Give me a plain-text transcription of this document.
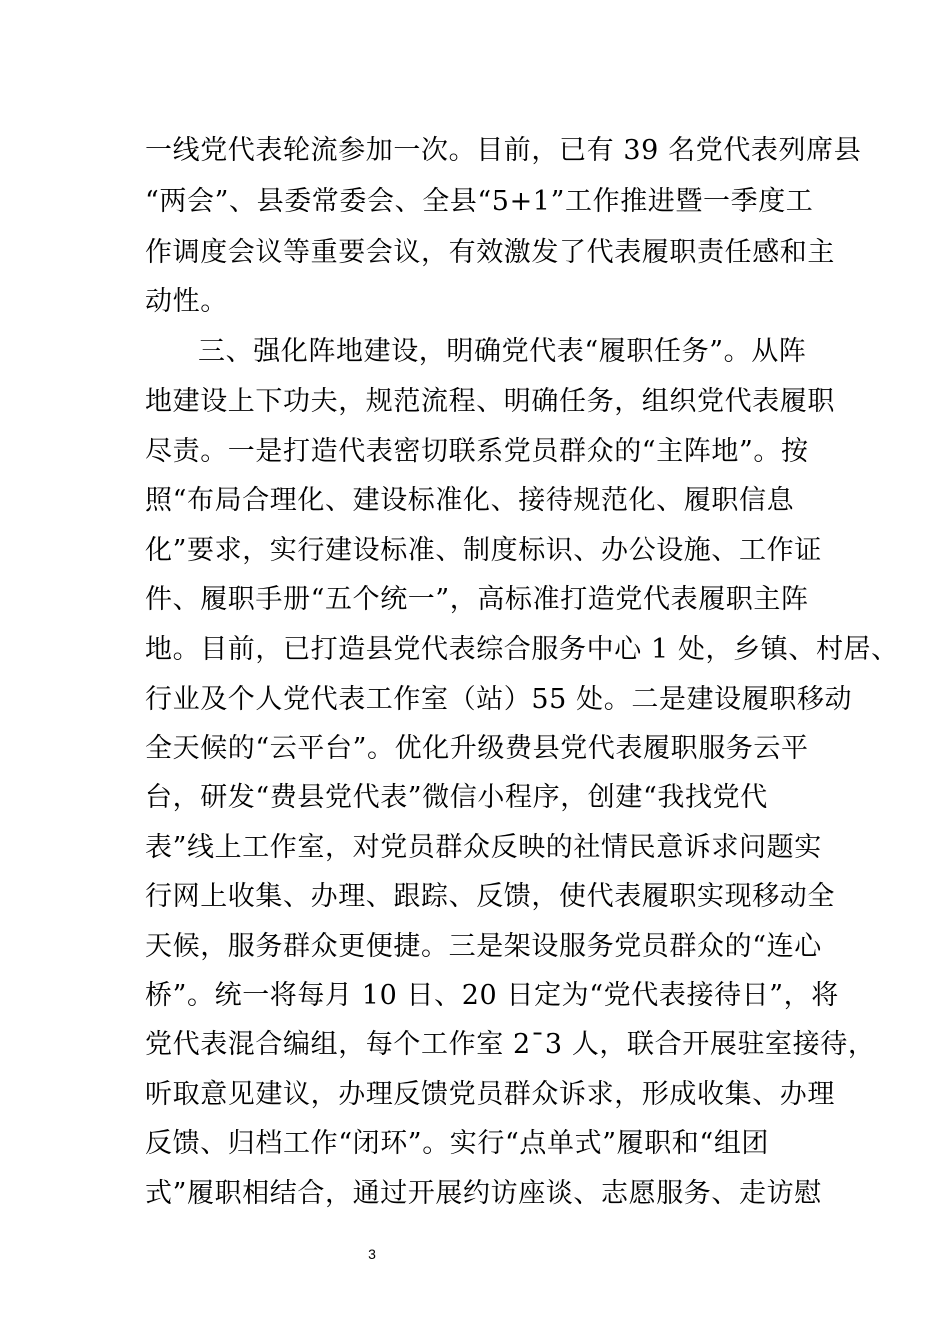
一线党代表轮流参加一次。目前，已有 39 名党代表列席县
“两会”、县委常委会、全县“5+1”工作推进暨一季度工
作调度会议等重要会议，有效激发了代表履职责任感和主
动性。
三、强化阵地建设，明确党代表“履职任务”。从阵
地建设上下功夫，规范流程、明确任务，组织党代表履职
尽责。一是打造代表密切联系党员群众的“主阵地”。按
照“布局合理化、建设标准化、接待规范化、履职信息
化”要求，实行建设标准、制度标识、办公设施、工作证
件、履职手册“五个统一”，高标准打造党代表履职主阵
地。目前，已打造县党代表综合服务中心 1 处，乡镇、村居、
行业及个人党代表工作室（站）55 处。二是建设履职移动
全天候的“云平台”。优化升级费县党代表履职服务云平
台，研发“费县党代表”微信小程序，创建“我找党代
表”线上工作室，对党员群众反映的社情民意诉求问题实
行网上收集、办理、跟踪、反馈，使代表履职实现移动全
天候，服务群众更便捷。三是架设服务党员群众的“连心
桥”。统一将每月 10 日、20 日定为“党代表接待日”，将
党代表混合编组，每个工作室 2¯3 人，联合开展驻室接待，
听取意见建议，办理反馈党员群众诉求，形成收集、办理
反馈、归档工作“闭环”。实行“点单式”履职和“组团
式”履职相结合，通过开展约访座谈、志愿服务、走访慰
3
